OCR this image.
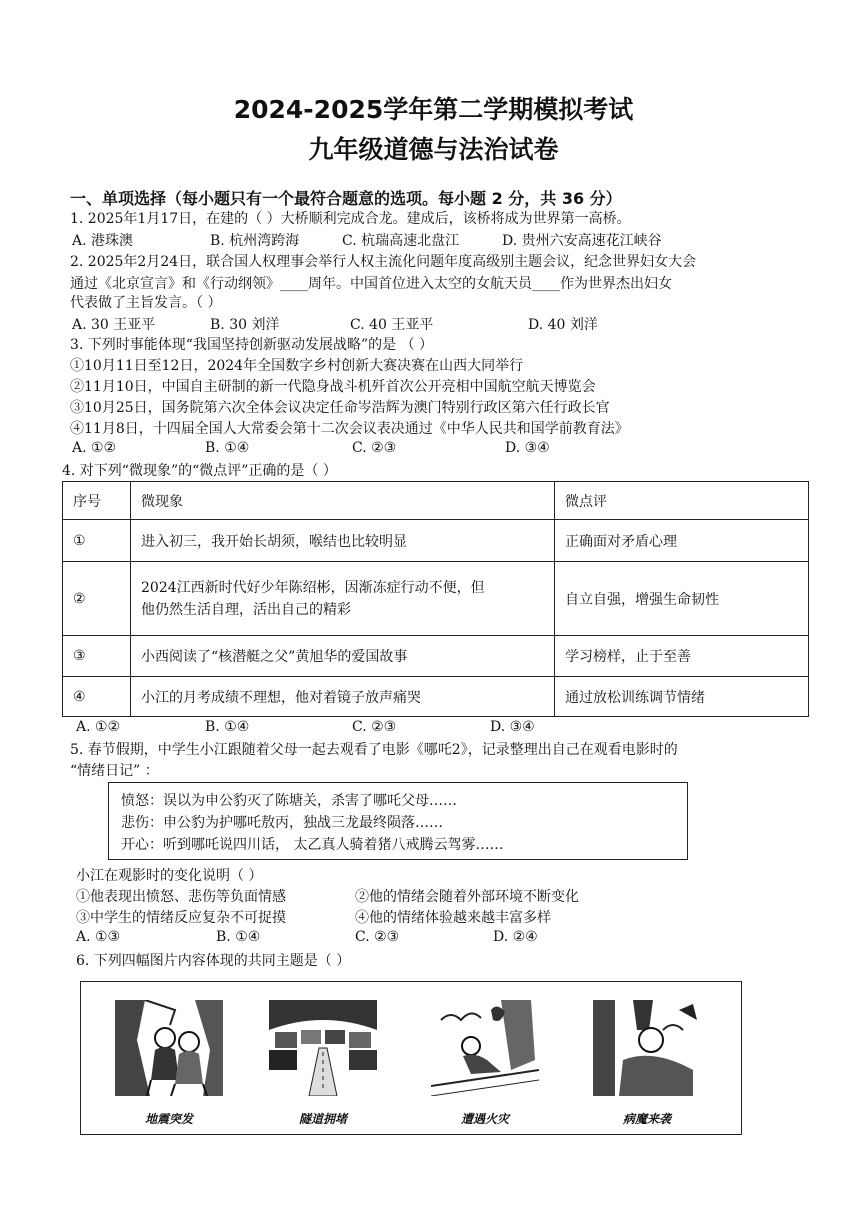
2024-2025学年第二学期模拟考试
九年级道德与法治试卷
一、单项选择（每小题只有一个最符合题意的选项。每小题 2 分，共 36 分）
1. 2025年1月17日，在建的（ ）大桥顺利完成合龙。建成后，该桥将成为世界第一高桥。
A. 港珠澳	B. 杭州湾跨海	C. 杭瑞高速北盘江	D. 贵州六安高速花江峡谷
2. 2025年2月24日，联合国人权理事会举行人权主流化问题年度高级别主题会议，纪念世界妇女大会
通过《北京宣言》和《行动纲领》____周年。中国首位进入太空的女航天员____作为世界杰出妇女
代表做了主旨发言。（ ）
A. 30 王亚平	B. 30 刘洋	C. 40 王亚平	D. 40 刘洋
3. 下列时事能体现“我国坚持创新驱动发展战略”的是 （ ）
①10月11日至12日，2024年全国数字乡村创新大赛决赛在山西大同举行
②11月10日，中国自主研制的新一代隐身战斗机歼首次公开亮相中国航空航天博览会
③10月25日，国务院第六次全体会议决定任命岑浩辉为澳门特别行政区第六任行政长官
④11月8日，十四届全国人大常委会第十二次会议表决通过《中华人民共和国学前教育法》
A. ①②	B. ①④	C. ②③	D. ③④
4. 对下列“微现象”的“微点评”正确的是（ ）
序号	微现象	微点评
①	进入初三，我开始长胡须，喉结也比较明显	正确面对矛盾心理
②	2024江西新时代好少年陈绍彬，因渐冻症行动不便，但
他仍然生活自理，活出自己的精彩	自立自强，增强生命韧性
③	小西阅读了“核潜艇之父”黄旭华的爱国故事	学习榜样，止于至善
④	小江的月考成绩不理想，他对着镜子放声痛哭	通过放松训练调节情绪
A. ①②	B. ①④	C. ②③	D. ③④
5. 春节假期，中学生小江跟随着父母一起去观看了电影《哪吒2》，记录整理出自己在观看电影时的
“情绪日记” ：
愤怒：误以为申公豹灭了陈塘关，杀害了哪吒父母……
悲伤：申公豹为护哪吒敖丙，独战三龙最终陨落……
开心：听到哪吒说四川话， 太乙真人骑着猪八戒腾云驾雾……
小江在观影时的变化说明（ ）
①他表现出愤怒、悲伤等负面情感	②他的情绪会随着外部环境不断变化
③中学生的情绪反应复杂不可捉摸	④他的情绪体验越来越丰富多样
A. ①③	B. ①④	C. ②③	D. ②④
6. 下列四幅图片内容体现的共同主题是（ ）
地震突发	隧道拥堵	遭遇火灾	病魔来袭
